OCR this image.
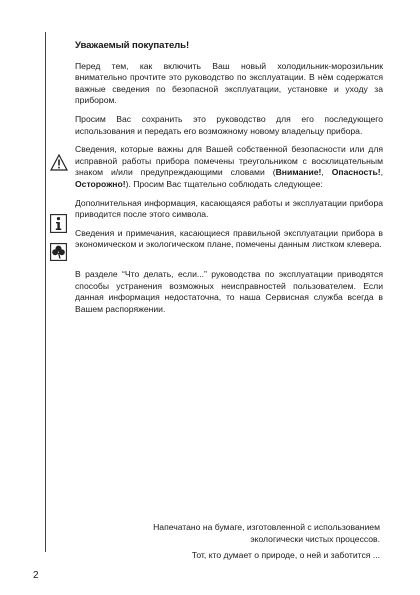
Уважаемый покупатель!

Перед тем, как включить Ваш новый холодильник-морозильник внимательно прочтите это руководство по эксплуатации. В нём содержатся важные сведения по безопасной эксплуатации, установке и уходу за прибором.

Просим Вас сохранить это руководство для его последующего использования и передать его возможному новому владельцу прибора.

Сведения, которые важны для Вашей собственной безопасности или для исправной работы прибора помечены треугольником с восклицательным знаком и/или предупреждающими словами (Внимание!, Опасность!, Осторожно!). Просим Вас тщательно соблюдать следующее:

Дополнительная информация, касающаяся работы и эксплуатации прибора приводится после этого символа.

Сведения и примечания, касающиеся правильной эксплуатации прибора в экономическом и экологическом плане, помечены данным листком клевера.

В разделе “Что делать, если...” руководства по эксплуатации приводятся способы устранения возможных неисправностей пользователем. Если данная информация недостаточна, то наша Сервисная служба всегда в Вашем распоряжении.

Напечатано на бумаге, изготовленной с использованием

экологически чистых процессов.

Тот, кто думает о природе, о ней и заботится ...

2
